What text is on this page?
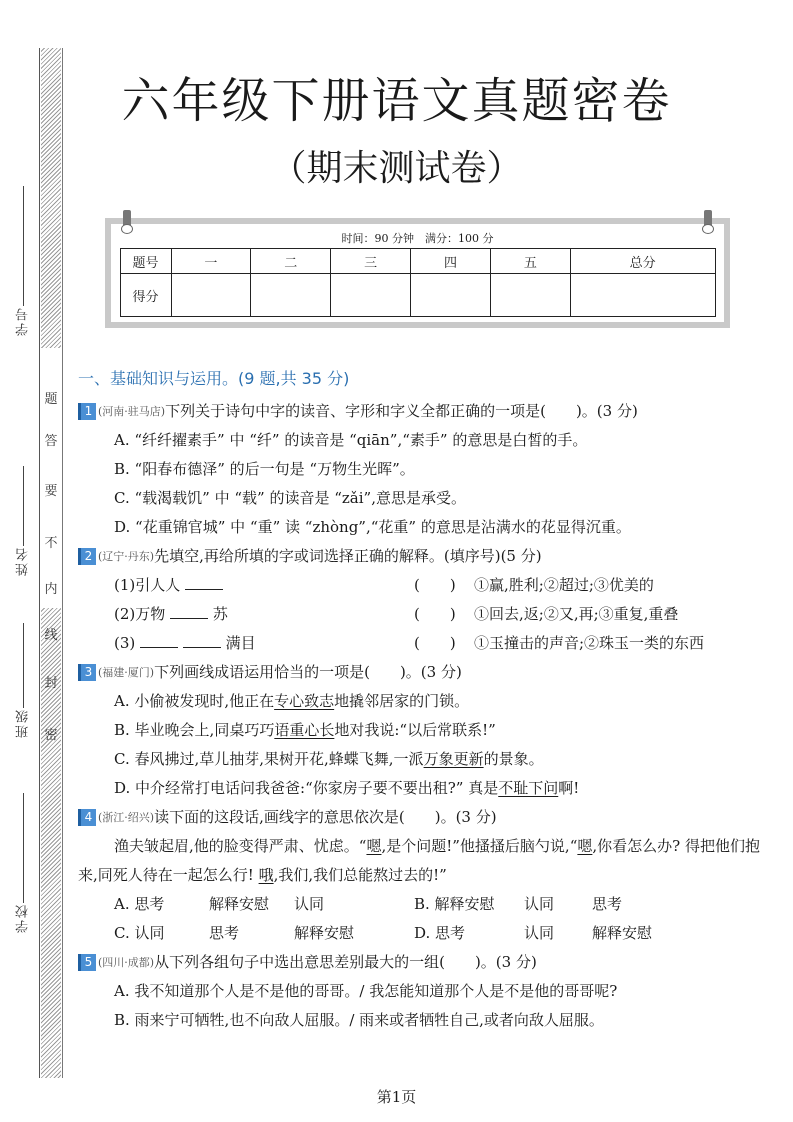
学号
姓名
班级
学校
题
答
要
不
内
线
封
密
六年级下册语文真题密卷
（期末测试卷）
时间：90 分钟　满分：100 分
题号	一	二	三	四	五	总分
得分						
一、基础知识与运用。(9 题,共 35 分)
1 (河南·驻马店) 下列关于诗句中字的读音、字形和字义全都正确的一项是(　　)。(3 分)
A. “纤纤擢素手” 中 “纤” 的读音是 “qiān”,“素手” 的意思是白皙的手。
B. “阳春布德泽” 的后一句是 “万物生光晖”。
C. “载渴载饥” 中 “载” 的读音是 “zǎi”,意思是承受。
D. “花重锦官城” 中 “重” 读 “zhòng”,“花重” 的意思是沾满水的花显得沉重。
2 (辽宁·丹东) 先填空,再给所填的字或词选择正确的解释。(填序号)(5 分)
(1)引人人	(　　)	①赢,胜利;②超过;③优美的
(2)万物	苏	(　　)	①回去,返;②又,再;③重复,重叠
(3)	满目	(　　)	①玉撞击的声音;②珠玉一类的东西
3 (福建·厦门) 下列画线成语运用恰当的一项是(　　)。(3 分)
A. 小偷被发现时,他正在专心致志地撬邻居家的门锁。
B. 毕业晚会上,同桌巧巧语重心长地对我说:“以后常联系!”
C. 春风拂过,草儿抽芽,果树开花,蜂蝶飞舞,一派万象更新的景象。
D. 中介经常打电话问我爸爸:“你家房子要不要出租?” 真是不耻下问啊!
4 (浙江·绍兴) 读下面的这段话,画线字的意思依次是(　　)。(3 分)
渔夫皱起眉,他的脸变得严肃、忧虑。“嗯,是个问题!”他搔搔后脑勺说,“嗯,你看怎么办? 得把他们抱来,同死人待在一起怎么行! 哦,我们,我们总能熬过去的!”
A. 思考	解释安慰	认同	B. 解释安慰	认同	思考
C. 认同	思考	解释安慰	D. 思考	认同	解释安慰
5 (四川·成都) 从下列各组句子中选出意思差别最大的一组(　　)。(3 分)
A. 我不知道那个人是不是他的哥哥。/ 我怎能知道那个人是不是他的哥哥呢?
B. 雨来宁可牺牲,也不向敌人屈服。/ 雨来或者牺牲自己,或者向敌人屈服。
第1页
